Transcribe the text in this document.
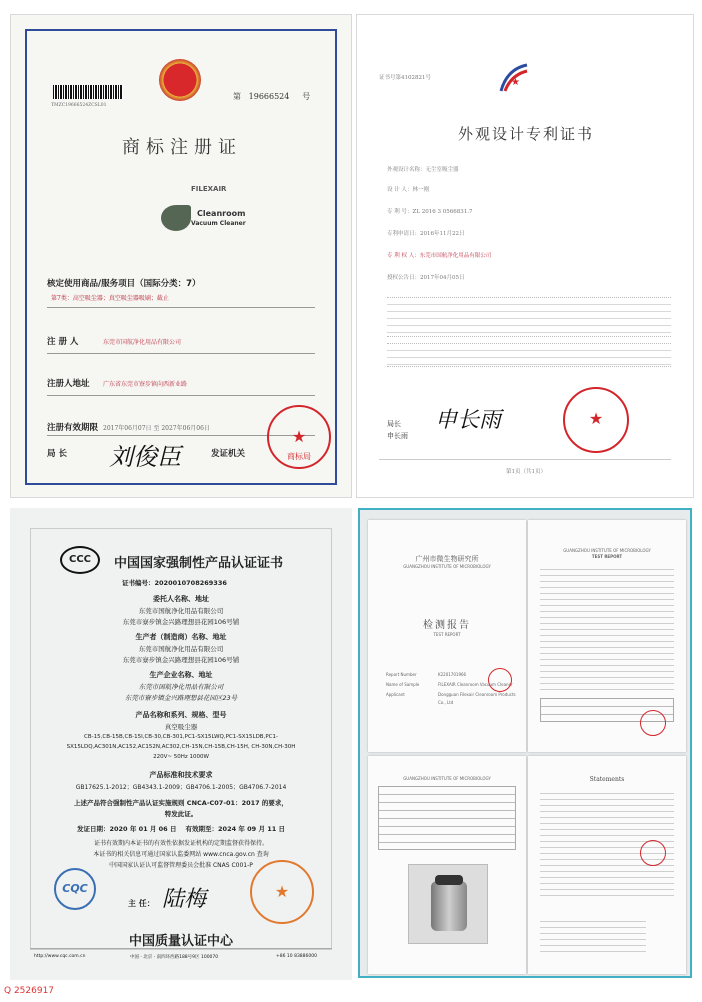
TMZC19666524ZCSL01
第 19666524 号
商标注册证
FILEXAIR
Cleanroom
Vacuum Cleaner
核定使用商品/服务项目（国际分类：7）
第7类：高空吸尘器；真空吸尘器吸刷；截止
注 册 人	东莞市国航净化用品有限公司
注册人地址 广东省东莞市寮步镇向西新业路
注册有效期限 2017年06月07日 至 2027年06月06日
局 长 刘俊臣	发证机关
★
商标局
证书号第4102821号	★
外观设计专利证书
外观设计名称：无尘室吸尘器
设 计 人：林一刚
专 利 号：ZL 2016 3 0566831.7
专利申请日：2016年11月22日
专 利 权 人：东莞市国航净化用品有限公司
授权公告日：2017年04月05日
局长
申长雨
申长雨	★
第1页（共1页）
CCC	中国国家强制性产品认证证书
证书编号：2020010708269336
委托人名称、地址
东莞市国航净化用品有限公司
东莞市寮步镇金兴路理想县花园106号铺
生产者（制造商）名称、地址
东莞市国航净化用品有限公司
东莞市寮步镇金兴路理想县花园106号铺
生产企业名称、地址
东莞市国航净化用品有限公司
东莞市寮步镇金兴路理想县花园区23号
产品名称和系列、规格、型号
真空吸尘器
CB-15,CB-15B,CB-15I,CB-30,CB-301,PC1-SX15LWQ,PC1-SX15LDB,PC1-
SX15LDQ,AC301N,AC152,AC152N,AC302,CH-15N,CH-15B,CH-15H, CH-30N,CH-30H
220V~ 50Hz 1000W
产品标准和技术要求
GB17625.1-2012；GB4343.1-2009；GB4706.1-2005；GB4706.7-2014
上述产品符合强制性产品认证实施规则 CNCA-C07-01：2017 的要求，
特发此证。
发证日期：2020 年 01 月 06 日 有效期至：2024 年 09 月 11 日
证书有效期内本证书的有效性依据发证机构的定期监督获得保持。
本证书的相关信息可通过国家认监委网站 www.cnca.gov.cn 查询
中国国家认证认可监督管理委员会批准 CNAS C001-P
CQC
主 任： 陆梅	★
中国质量认证中心
http://www.cqc.com.cn	中国 · 北京 · 南四环西路188号9区 100070	+86 10 83886000
广州市微生物研究所
GUANGZHOU INSTITUTE OF MICROBIOLOGY
检测报告
TEST REPORT
Report Number	K2201701966
Name of Sample	FILEXAIR Cleanroom Vacuum Cleaner
Applicant	Dongguan Filexair Cleanroom Products
Co., Ltd
GUANGZHOU INSTITUTE OF MICROBIOLOGY
TEST REPORT
GUANGZHOU INSTITUTE OF MICROBIOLOGY	Statements
Q 2526917
